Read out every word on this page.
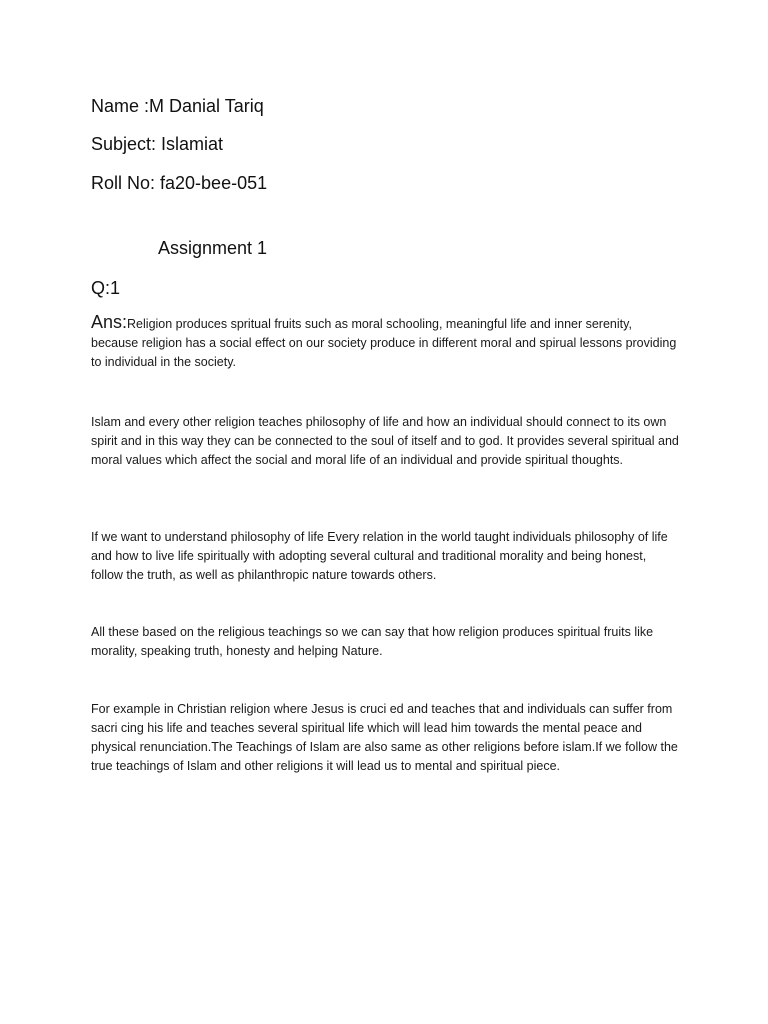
Name :M Danial Tariq
Subject: Islamiat
Roll No: fa20-bee-051
Assignment 1
Q:1
Ans:Religion produces spritual fruits such as moral schooling, meaningful life and inner serenity, because religion has a social effect on our society produce in different moral and spirual lessons providing to individual in the society.
Islam and every other religion teaches philosophy of life and how an individual should connect to its own spirit and in this way they can be connected to the soul of itself and to god. It provides several spiritual and moral values which affect the social and moral life of an individual and provide spiritual thoughts.
If we want to understand philosophy of life Every relation in the world taught individuals philosophy of life and how to live life spiritually with adopting several cultural and traditional morality and being honest, follow the truth, as well as philanthropic nature towards others.
All these based on the religious teachings so we can say that how religion produces spiritual fruits like morality, speaking truth, honesty and helping Nature.
For example in Christian religion where Jesus is cruci ed and teaches that and individuals can suffer from sacri cing his life and teaches several spiritual life which will lead him towards the mental peace and physical renunciation.The Teachings of Islam are also same as other religions before islam.If we follow the true teachings of Islam and other religions it will lead us to mental and spiritual piece.
